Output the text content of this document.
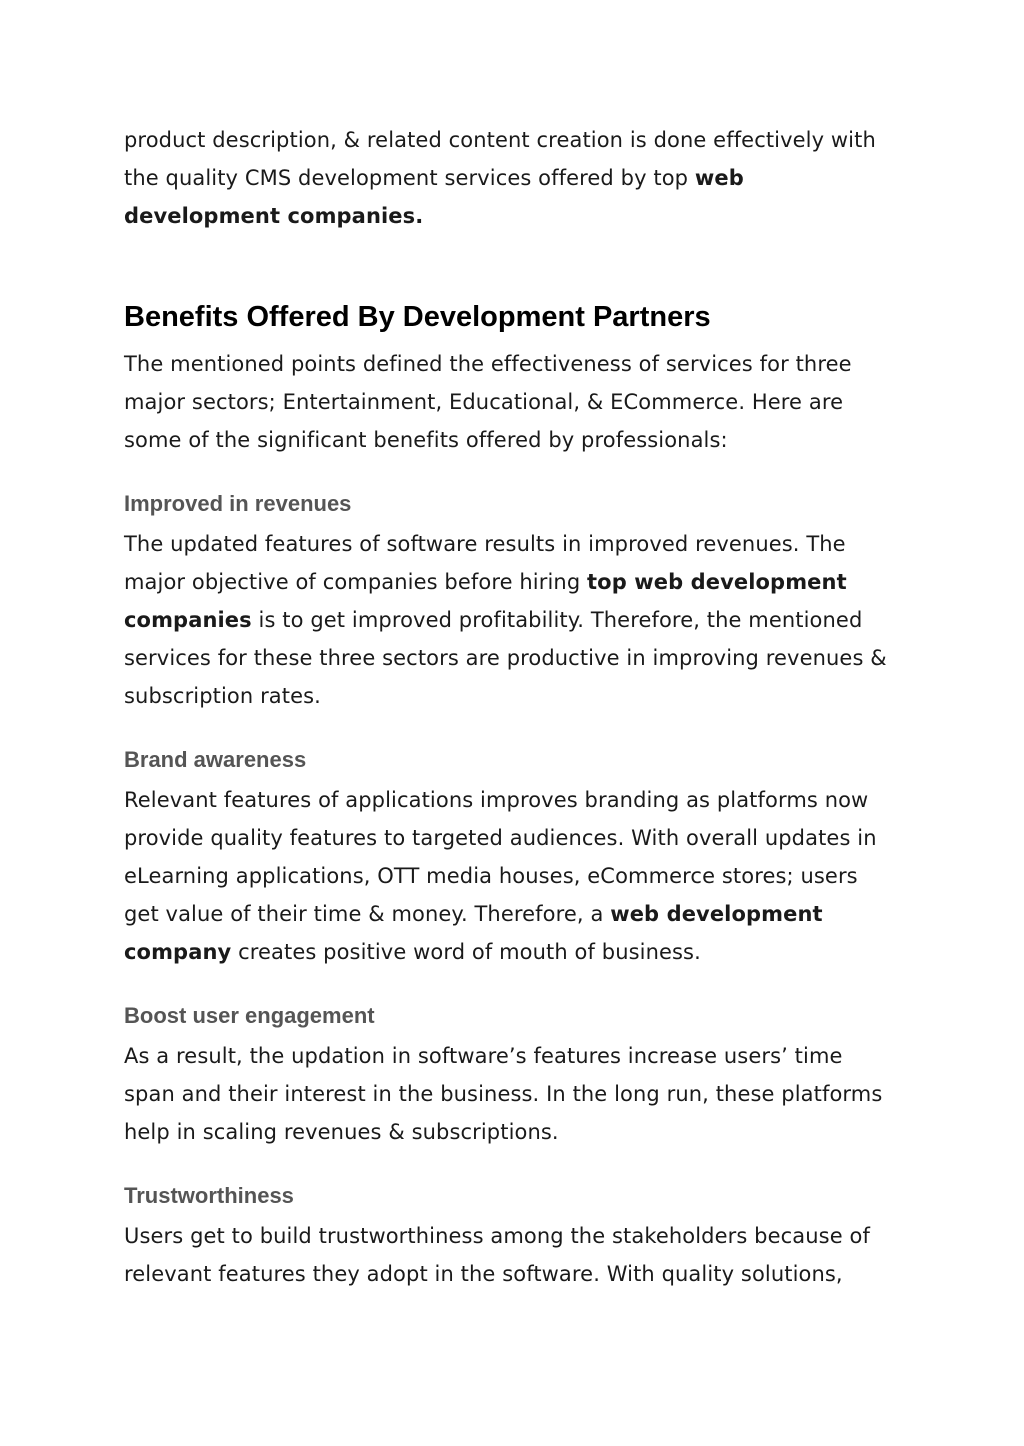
product description, & related content creation is done effectively with the quality CMS development services offered by top web development companies.

Benefits Offered By Development Partners

The mentioned points defined the effectiveness of services for three major sectors; Entertainment, Educational, & ECommerce. Here are some of the significant benefits offered by professionals:

Improved in revenues

The updated features of software results in improved revenues. The major objective of companies before hiring top web development companies is to get improved profitability. Therefore, the mentioned services for these three sectors are productive in improving revenues & subscription rates.

Brand awareness

Relevant features of applications improves branding as platforms now provide quality features to targeted audiences. With overall updates in eLearning applications, OTT media houses, eCommerce stores; users get value of their time & money. Therefore, a web development company creates positive word of mouth of business.

Boost user engagement

As a result, the updation in software’s features increase users’ time span and their interest in the business. In the long run, these platforms help in scaling revenues & subscriptions.

Trustworthiness

Users get to build trustworthiness among the stakeholders because of relevant features they adopt in the software. With quality solutions,
